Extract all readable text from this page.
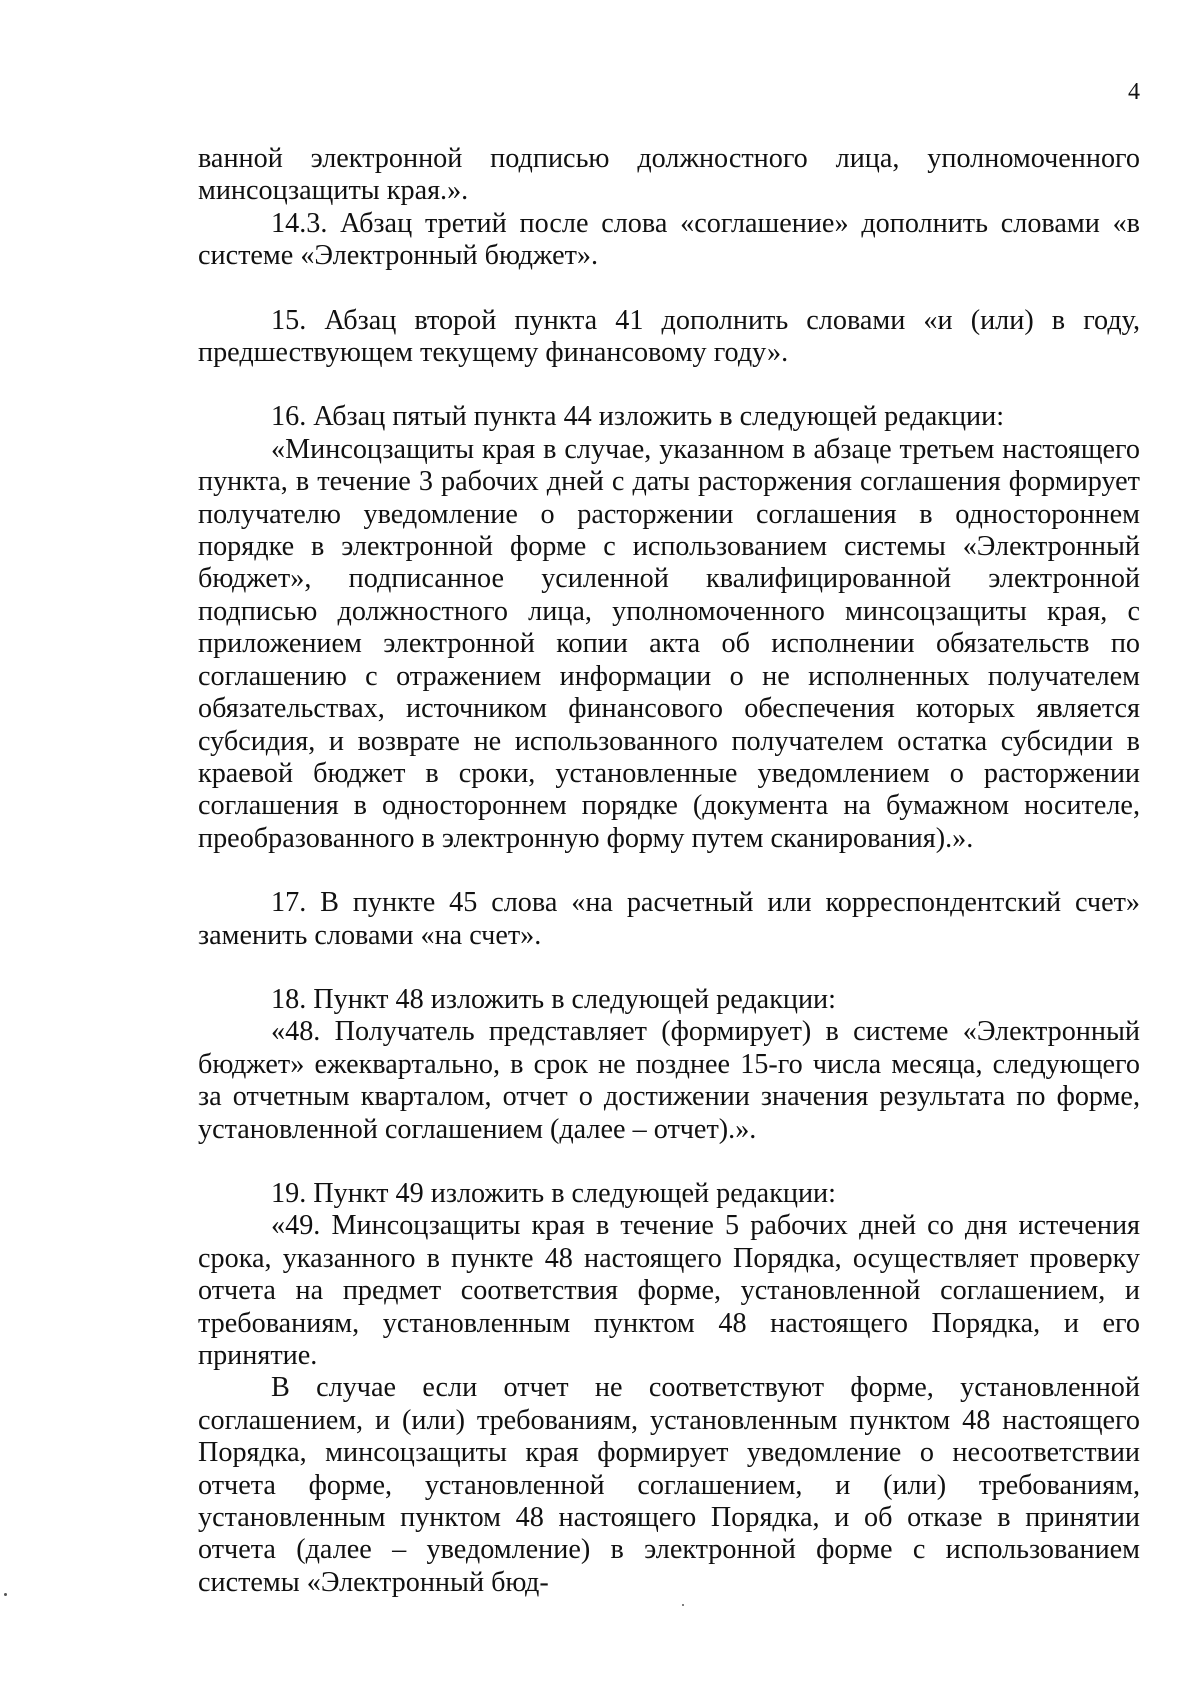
4

ванной электронной подписью должностного лица, уполномоченного минсоцзащиты края.».

14.3. Абзац третий после слова «соглашение» дополнить словами «в системе «Электронный бюджет».

15. Абзац второй пункта 41 дополнить словами «и (или) в году, предшествующем текущему финансовому году».

16. Абзац пятый пункта 44 изложить в следующей редакции:

«Минсоцзащиты края в случае, указанном в абзаце третьем настоящего пункта, в течение 3 рабочих дней с даты расторжения соглашения формирует получателю уведомление о расторжении соглашения в одностороннем порядке в электронной форме с использованием системы «Электронный бюджет», подписанное усиленной квалифицированной электронной подписью должностного лица, уполномоченного минсоцзащиты края, с приложением электронной копии акта об исполнении обязательств по соглашению с отражением информации о не исполненных получателем обязательствах, источником финансового обеспечения которых является субсидия, и возврате не использованного получателем остатка субсидии в краевой бюджет в сроки, установленные уведомлением о расторжении соглашения в одностороннем порядке (документа на бумажном носителе, преобразованного в электронную форму путем сканирования).».

17. В пункте 45 слова «на расчетный или корреспондентский счет» заменить словами «на счет».

18. Пункт 48 изложить в следующей редакции:

«48. Получатель представляет (формирует) в системе «Электронный бюджет» ежеквартально, в срок не позднее 15-го числа месяца, следующего за отчетным кварталом, отчет о достижении значения результата по форме, установленной соглашением (далее – отчет).».

19. Пункт 49 изложить в следующей редакции:

«49. Минсоцзащиты края в течение 5 рабочих дней со дня истечения срока, указанного в пункте 48 настоящего Порядка, осуществляет проверку отчета на предмет соответствия форме, установленной соглашением, и требованиям, установленным пунктом 48 настоящего Порядка, и его принятие.

В случае если отчет не соответствуют форме, установленной соглашением, и (или) требованиям, установленным пунктом 48 настоящего Порядка, минсоцзащиты края формирует уведомление о несоответствии отчета форме, установленной соглашением, и (или) требованиям, установленным пунктом 48 настоящего Порядка, и об отказе в принятии отчета (далее – уведомление) в электронной форме с использованием системы «Электронный бюд-
